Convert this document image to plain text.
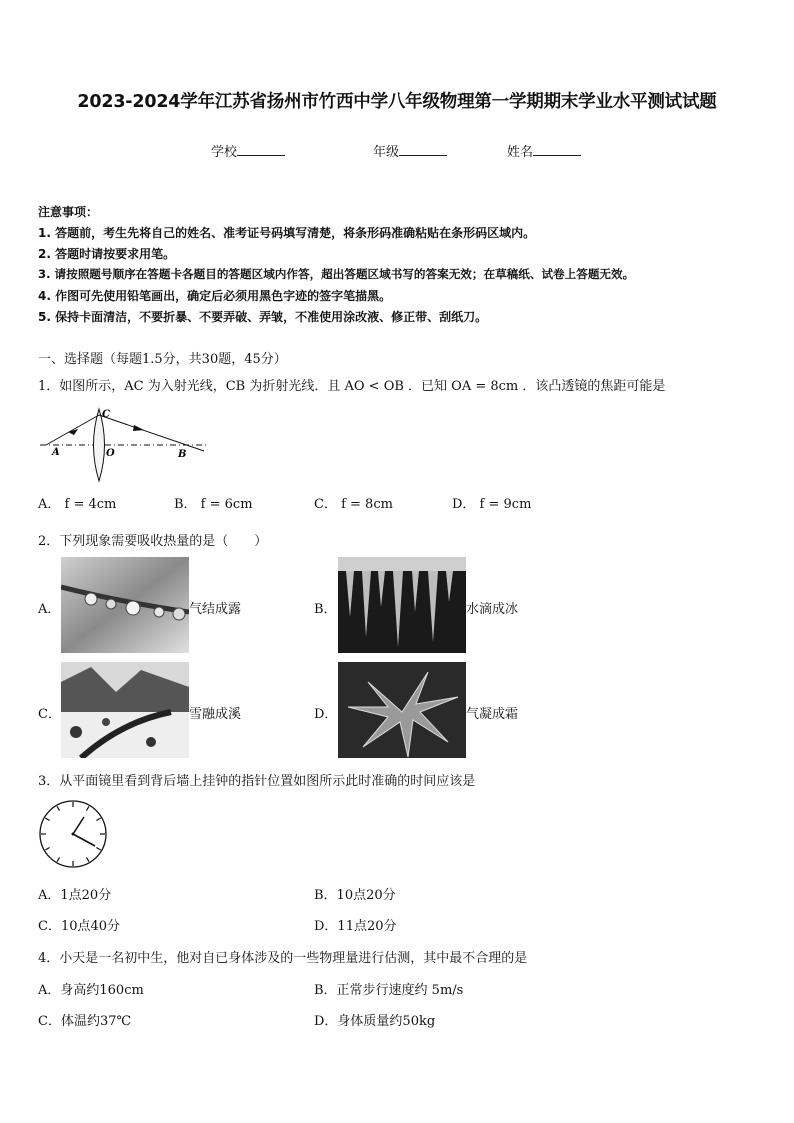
2023-2024学年江苏省扬州市竹西中学八年级物理第一学期期末学业水平测试试题
学校	年级	姓名
注意事项：
1. 答题前，考生先将自己的姓名、准考证号码填写清楚，将条形码准确粘贴在条形码区域内。
2. 答题时请按要求用笔。
3. 请按照题号顺序在答题卡各题目的答题区域内作答，超出答题区域书写的答案无效；在草稿纸、试卷上答题无效。
4. 作图可先使用铅笔画出，确定后必须用黑色字迹的签字笔描黑。
5. 保持卡面清洁，不要折暴、不要弄破、弄皱，不准使用涂改液、修正带、刮纸刀。
一、选择题（每题1.5分，共30题，45分）
1．如图所示，AC 为入射光线，CB 为折射光线．且 AO < OB ．已知 OA = 8cm ．该凸透镜的焦距可能是
A
C
O	B
A． f = 4cm	B． f = 6cm	C． f = 8cm	D． f = 9cm
2．下列现象需要吸收热量的是（　　）
A．	气结成露	B．	水滴成冰
C．	雪融成溪	D．	气凝成霜
3．从平面镜里看到背后墙上挂钟的指针位置如图所示此时准确的时间应该是
A．1点20分	B．10点20分
C．10点40分	D．11点20分
4．小天是一名初中生，他对自已身体涉及的一些物理量进行估测，其中最不合理的是
A．身高约160cm	B．正常步行速度约 5m/s
C．体温约37℃	D．身体质量约50kg
